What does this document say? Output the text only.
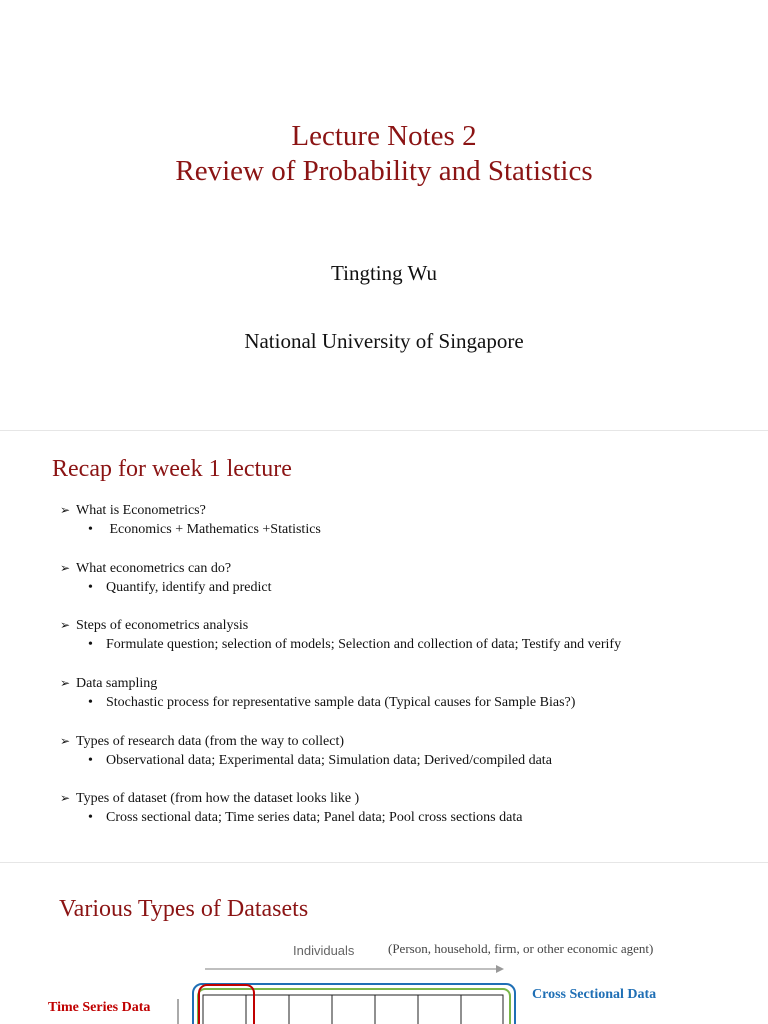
Lecture Notes 2
Review of Probability and Statistics
Tingting Wu
National University of Singapore
Recap for week 1 lecture
➢ What is Econometrics?
• Economics + Mathematics +Statistics
➢ What econometrics can do?
• Quantify, identify and predict
➢ Steps of econometrics analysis
• Formulate question; selection of models; Selection and collection of data; Testify and verify
➢ Data sampling
• Stochastic process for representative sample data (Typical causes for Sample Bias?)
➢ Types of research data (from the way to collect)
• Observational data; Experimental data; Simulation data; Derived/compiled data
➢ Types of dataset (from how the dataset looks like )
• Cross sectional data; Time series data; Panel data; Pool cross sections data
Various Types of Datasets
Individuals	(Person, household, firm, or other economic agent)
Time Series Data
Cross Sectional Data
